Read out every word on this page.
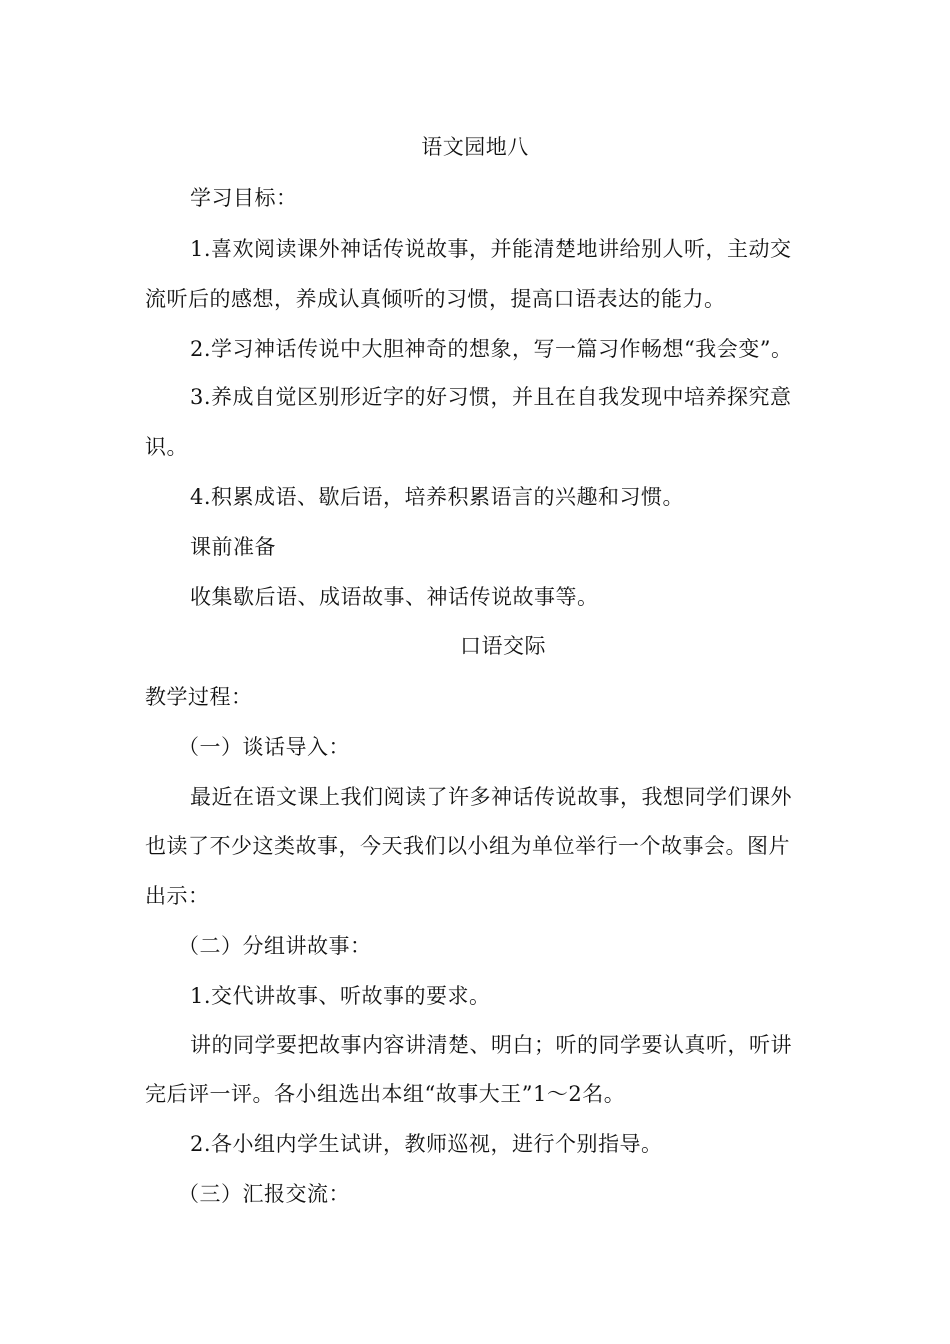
语文园地八
学习目标：
1.喜欢阅读课外神话传说故事，并能清楚地讲给别人听，主动交
流听后的感想，养成认真倾听的习惯，提高口语表达的能力。
2.学习神话传说中大胆神奇的想象，写一篇习作畅想“我会变”。
3.养成自觉区别形近字的好习惯，并且在自我发现中培养探究意
识。
4.积累成语、歇后语，培养积累语言的兴趣和习惯。
课前准备
收集歇后语、成语故事、神话传说故事等。
口语交际
教学过程：
（一）谈话导入：
最近在语文课上我们阅读了许多神话传说故事，我想同学们课外
也读了不少这类故事，今天我们以小组为单位举行一个故事会。图片
出示：
（二）分组讲故事：
1.交代讲故事、听故事的要求。
讲的同学要把故事内容讲清楚、明白；听的同学要认真听，听讲
完后评一评。各小组选出本组“故事大王”1～2名。
2.各小组内学生试讲，教师巡视，进行个别指导。
（三）汇报交流：
